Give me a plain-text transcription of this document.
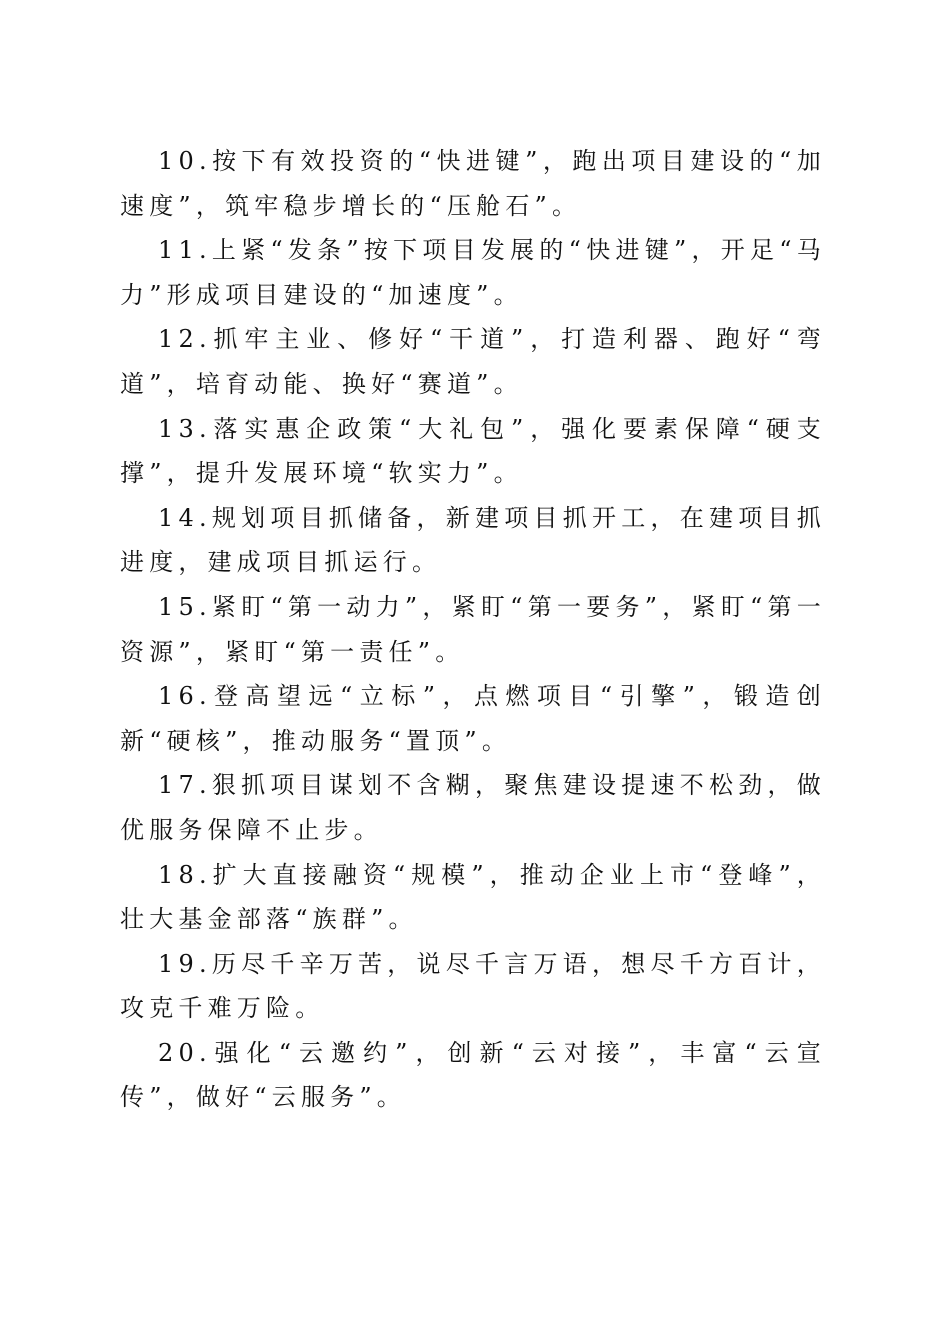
10.按下有效投资的“快进键”，跑出项目建设的“加速度”，筑牢稳步增长的“压舱石”。

11.上紧“发条”按下项目发展的“快进键”，开足“马力”形成项目建设的“加速度”。

12.抓牢主业、修好“干道”，打造利器、跑好“弯道”，培育动能、换好“赛道”。

13.落实惠企政策“大礼包”，强化要素保障“硬支撑”，提升发展环境“软实力”。

14.规划项目抓储备，新建项目抓开工，在建项目抓进度，建成项目抓运行。

15.紧盯“第一动力”，紧盯“第一要务”，紧盯“第一资源”，紧盯“第一责任”。

16.登高望远“立标”，点燃项目“引擎”，锻造创新“硬核”，推动服务“置顶”。

17.狠抓项目谋划不含糊，聚焦建设提速不松劲，做优服务保障不止步。

18.扩大直接融资“规模”，推动企业上市“登峰”，壮大基金部落“族群”。

19.历尽千辛万苦，说尽千言万语，想尽千方百计，攻克千难万险。

20.强化“云邀约”，创新“云对接”，丰富“云宣传”，做好“云服务”。
